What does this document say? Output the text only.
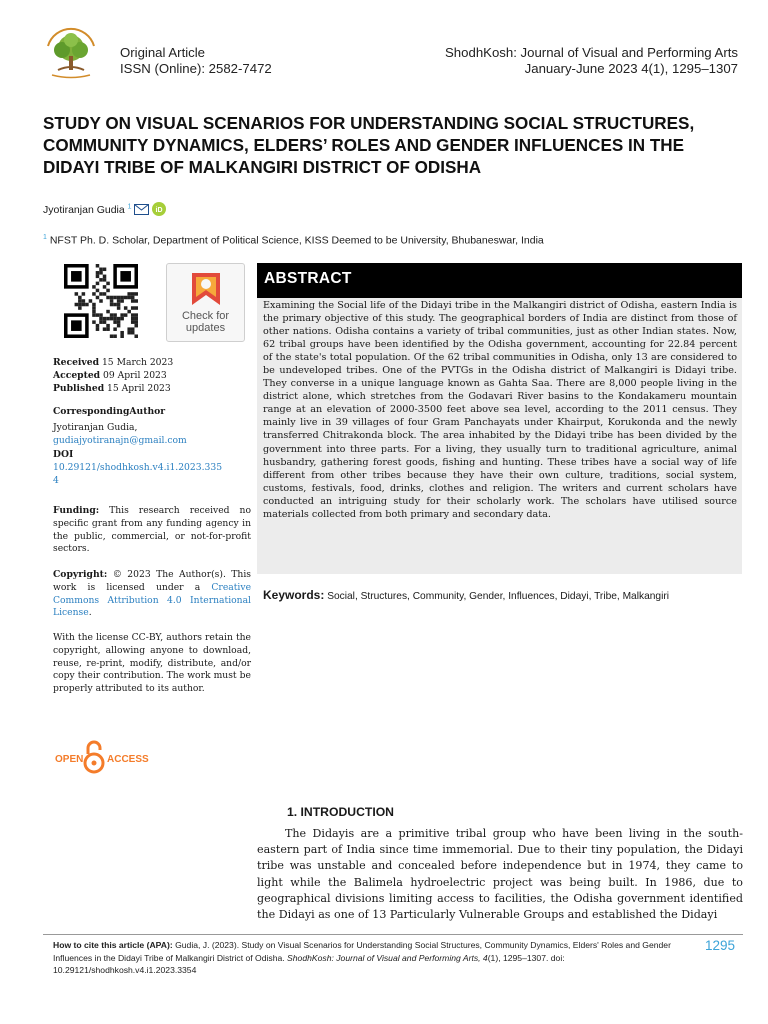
Original Article
ISSN (Online): 2582-7472
ShodhKosh: Journal of Visual and Performing Arts
January-June 2023 4(1), 1295–1307
STUDY ON VISUAL SCENARIOS FOR UNDERSTANDING SOCIAL STRUCTURES,
COMMUNITY DYNAMICS, ELDERS’ ROLES AND GENDER INFLUENCES IN THE
DIDAYI TRIBE OF MALKANGIRI DISTRICT OF ODISHA
Jyotiranjan Gudia $^1$	iD
$^1$ NFST Ph. D. Scholar, Department of Political Science, KISS Deemed to be University, Bhubaneswar, India
Check for
updates
Received 15 March 2023
Accepted 09 April 2023
Published 15 April 2023
CorrespondingAuthor
Jyotiranjan Gudia,
gudiajyotiranajn@gmail.com
DOI
10.29121/shodhkosh.v4.i1.2023.335
4
Funding: This research received no specific grant from any funding agency in the public, commercial, or not-for-profit sectors.
Copyright: © 2023 The Author(s). This work is licensed under a Creative Commons Attribution 4.0 International License.
With the license CC-BY, authors retain the copyright, allowing anyone to download, reuse, re-print, modify, distribute, and/or copy their contribution. The work must be properly attributed to its author.
OPEN ACCESS
ABSTRACT
Examining the Social life of the Didayi tribe in the Malkangiri district of Odisha, eastern India is the primary objective of this study. The geographical borders of India are distinct from those of other nations. Odisha contains a variety of tribal communities, just as other Indian states. Now, 62 tribal groups have been identified by the Odisha government, accounting for 22.84 percent of the state's total population. Of the 62 tribal communities in Odisha, only 13 are considered to be undeveloped tribes. One of the PVTGs in the Odisha district of Malkangiri is Didayi tribe. They converse in a unique language known as Gahta Saa. There are 8,000 people living in the district alone, which stretches from the Godavari River basins to the Kondakameru mountain range at an elevation of 2000-3500 feet above sea level, according to the 2011 census. They mainly live in 39 villages of four Gram Panchayats under Khairput, Korukonda and the newly transferred Chitrakonda block. The area inhabited by the Didayi tribe has been divided by the government into three parts. For a living, they usually turn to traditional agriculture, animal husbandry, gathering forest goods, fishing and hunting. These tribes have a social way of life different from other tribes because they have their own culture, traditions, social system, customs, festivals, food, drinks, clothes and religion. The writers and current scholars have conducted an intriguing study for their scholarly work. The scholars have utilised source materials collected from both primary and secondary data.
Keywords: Social, Structures, Community, Gender, Influences, Didayi, Tribe, Malkangiri
1. INTRODUCTION

The Didayis are a primitive tribal group who have been living in the south-eastern part of India since time immemorial. Due to their tiny population, the Didayi tribe was unstable and concealed before independence but in 1974, they came to light while the Balimela hydroelectric project was being built. In 1986, due to geographical divisions limiting access to facilities, the Odisha government identified the Didayi as one of 13 Particularly Vulnerable Groups and established the Didayi

How to cite this article (APA): Gudia, J. (2023). Study on Visual Scenarios for Understanding Social Structures, Community Dynamics, Elders' Roles and Gender Influences in the Didayi Tribe of Malkangiri District of Odisha. ShodhKosh: Journal of Visual and Performing Arts, 4(1), 1295–1307. doi: 10.29121/shodhkosh.v4.i1.2023.3354
1295
